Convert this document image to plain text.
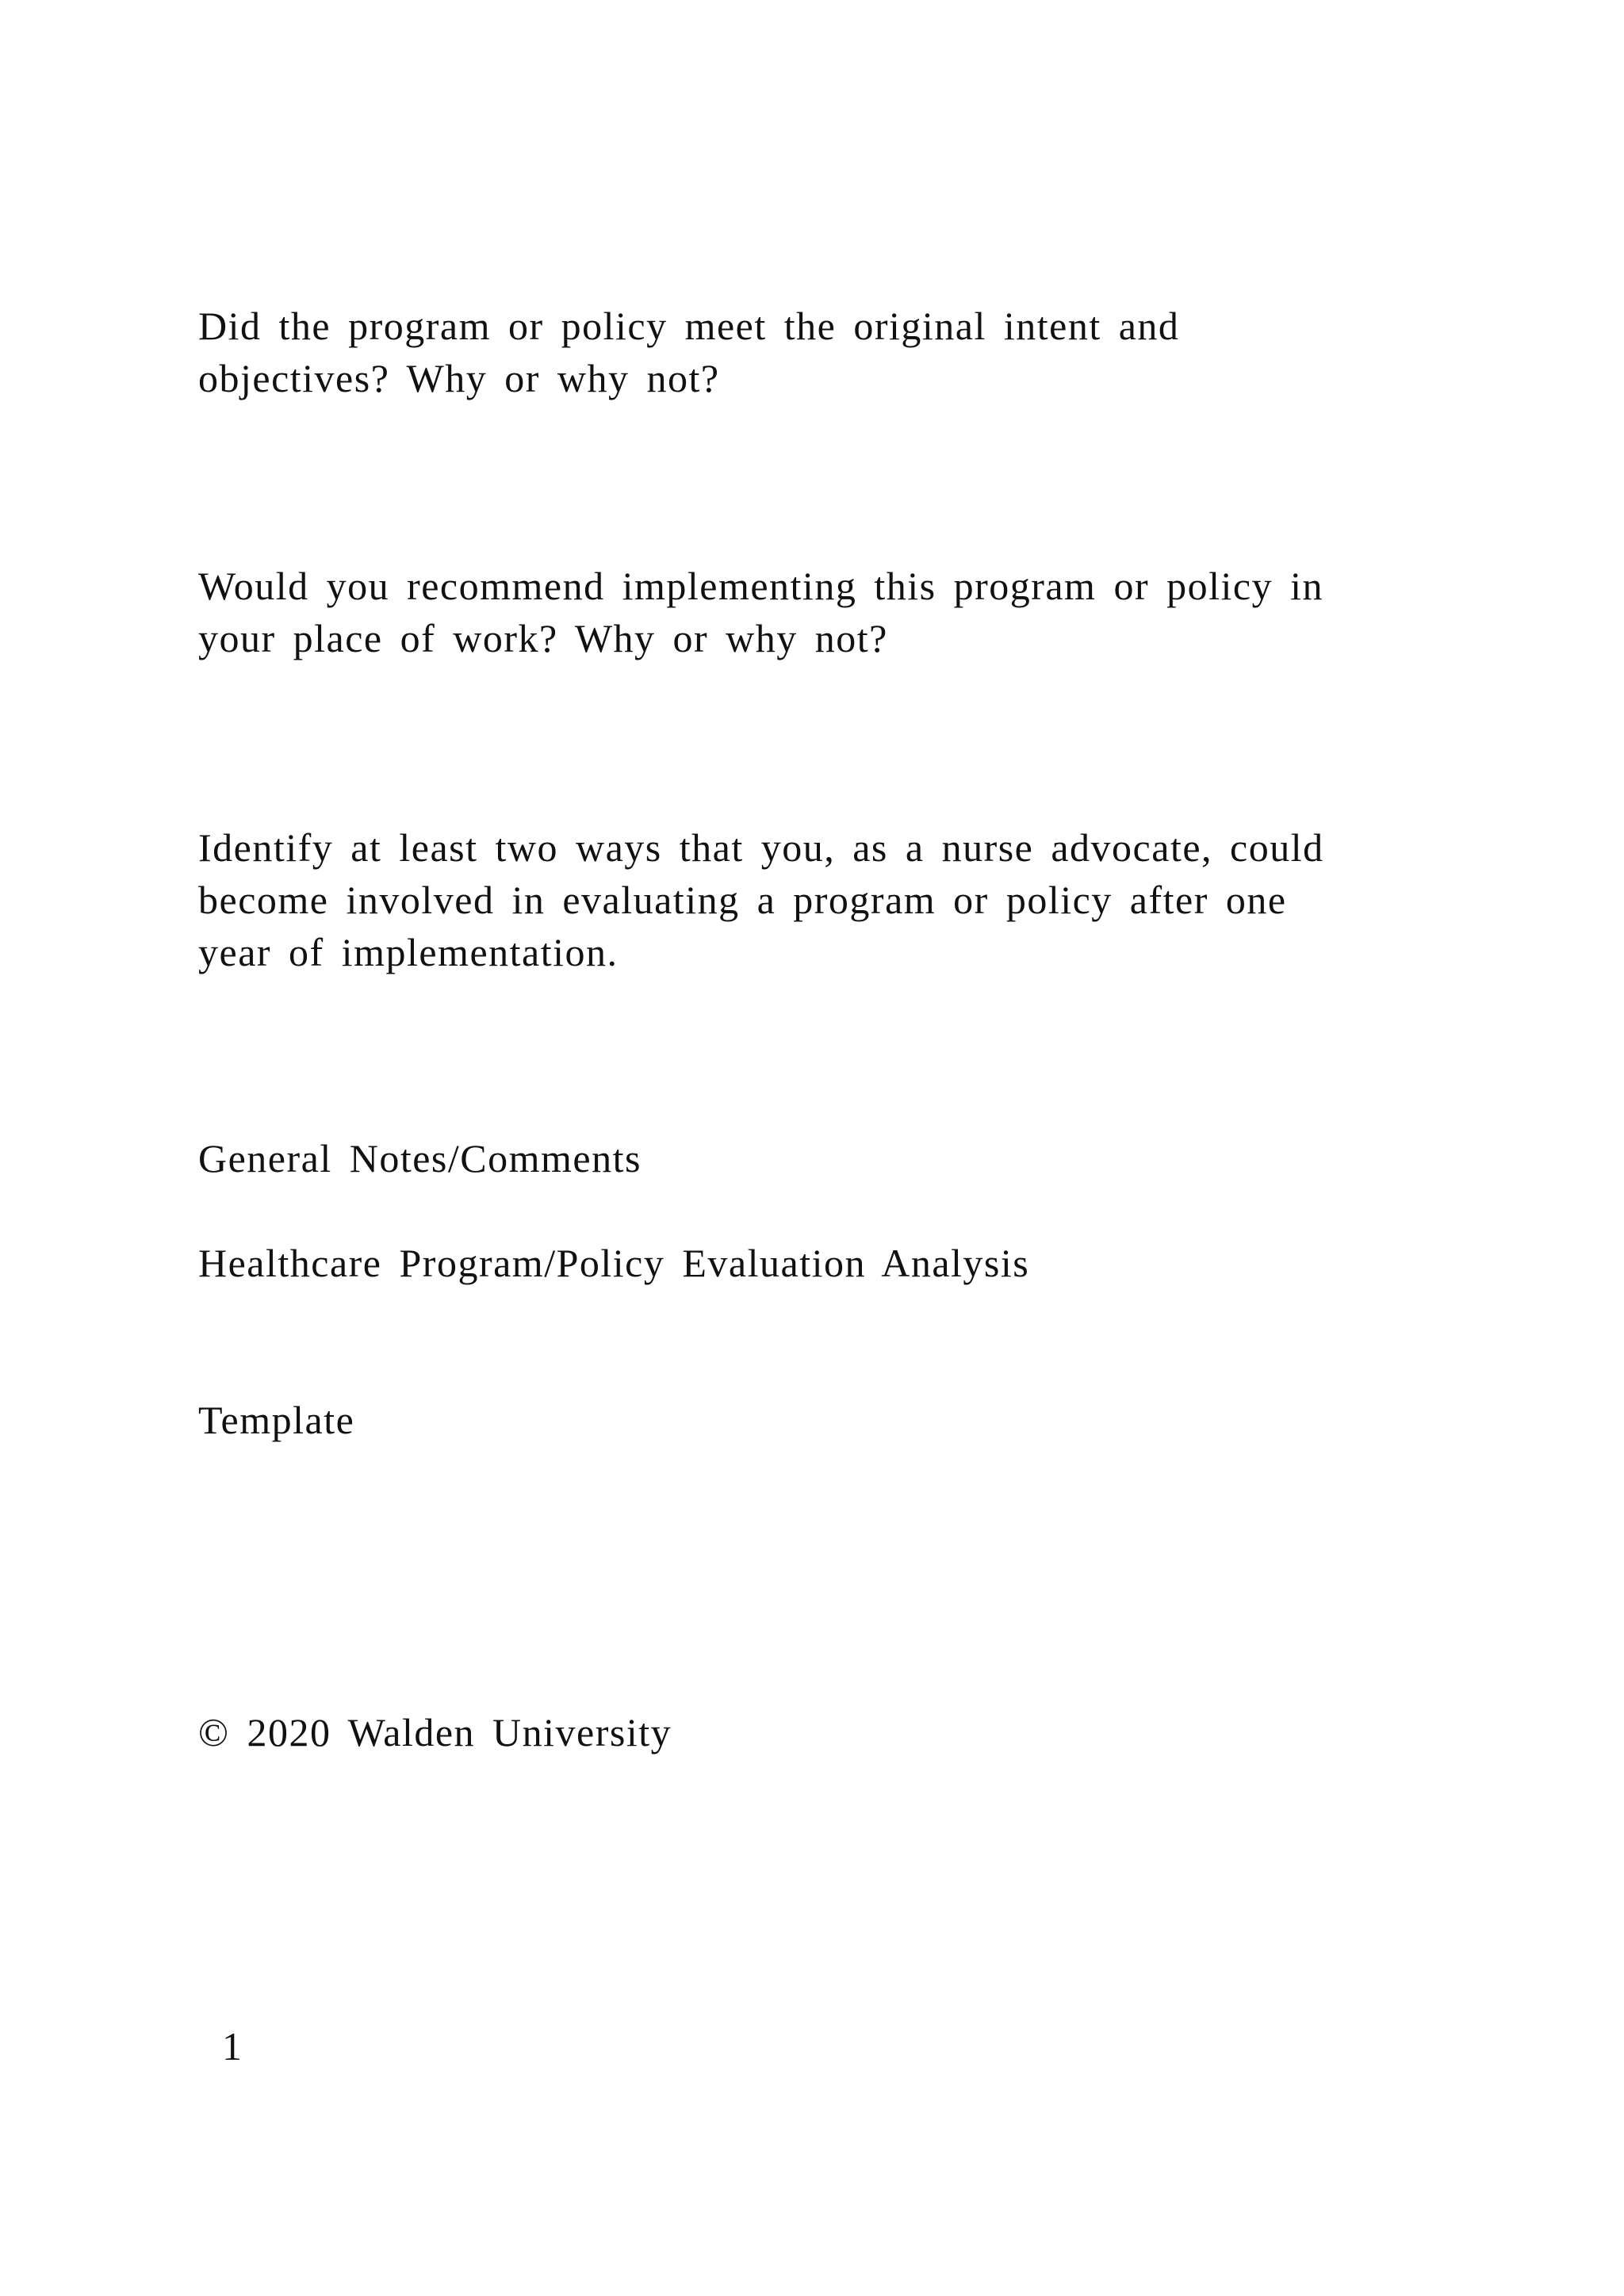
Did the program or policy meet the original intent and
objectives? Why or why not?

Would you recommend implementing this program or policy in
your place of work? Why or why not?

Identify at least two ways that you, as a nurse advocate, could
become involved in evaluating a program or policy after one
year of implementation.

General Notes/Comments

Healthcare Program/Policy Evaluation Analysis

Template

© 2020 Walden University

1
